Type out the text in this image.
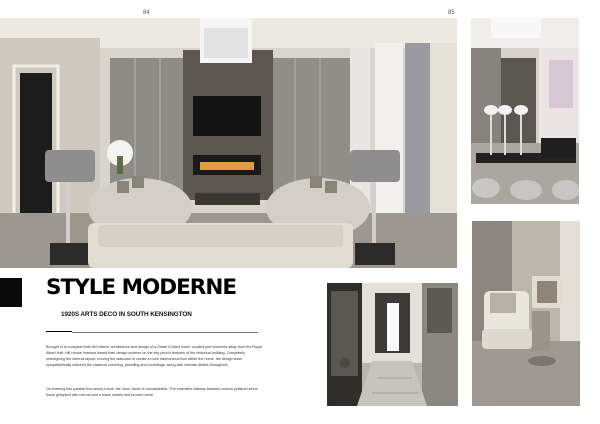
84	85
STYLE MODERNE
1920S ARTS DECO IN SOUTH KENSINGTON
Brought in to complete both the interior architecture and design of a Grade II listed home, located just moments away from the Royal Albert Hall, Hill House Interiors based their design scheme on the key period features of the historical building. Completely redesigning the internal layout, moving the staircase to create a more harmonious flow within the home, the design team sympathetically restored the classical cornicing, panelling and mouldings, along with intricate details throughout.
On entering this palatial four-storey home, the 'wow' factor is unmistakable. The extensive hallway features custom polished stone floors glimpsed with mirrors and a black marble and bronze metal.
